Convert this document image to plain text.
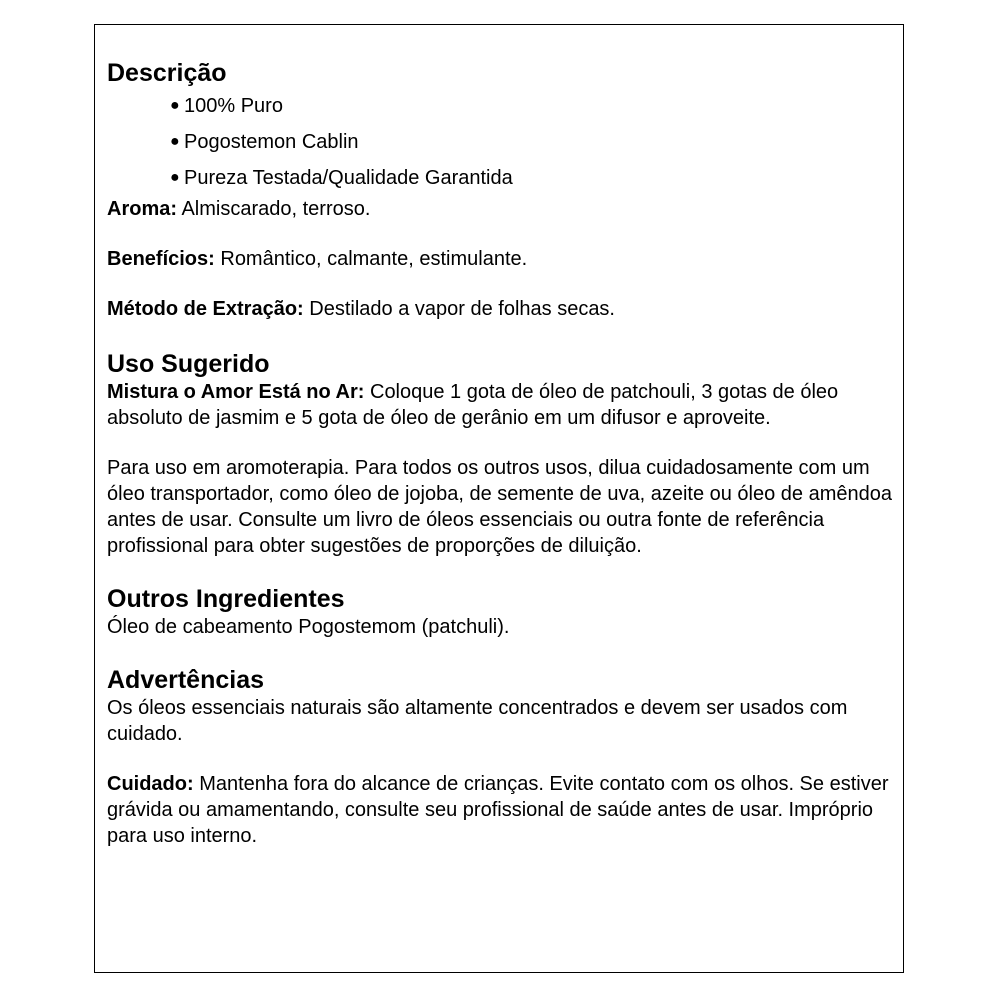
Descrição
● 100% Puro
● Pogostemon Cablin
● Pureza Testada/Qualidade Garantida

Aroma: Almiscarado, terroso.

Benefícios: Romântico, calmante, estimulante.

Método de Extração: Destilado a vapor de folhas secas.

Uso Sugerido

Mistura o Amor Está no Ar: Coloque 1 gota de óleo de patchouli, 3 gotas de óleo absoluto de jasmim e 5 gota de óleo de gerânio em um difusor e aproveite.

Para uso em aromoterapia. Para todos os outros usos, dilua cuidadosamente com um óleo transportador, como óleo de jojoba, de semente de uva, azeite ou óleo de amêndoa antes de usar. Consulte um livro de óleos essenciais ou outra fonte de referência profissional para obter sugestões de proporções de diluição.

Outros Ingredientes

Óleo de cabeamento Pogostemom (patchuli).

Advertências

Os óleos essenciais naturais são altamente concentrados e devem ser usados com cuidado.

Cuidado: Mantenha fora do alcance de crianças. Evite contato com os olhos. Se estiver grávida ou amamentando, consulte seu profissional de saúde antes de usar. Impróprio para uso interno.
